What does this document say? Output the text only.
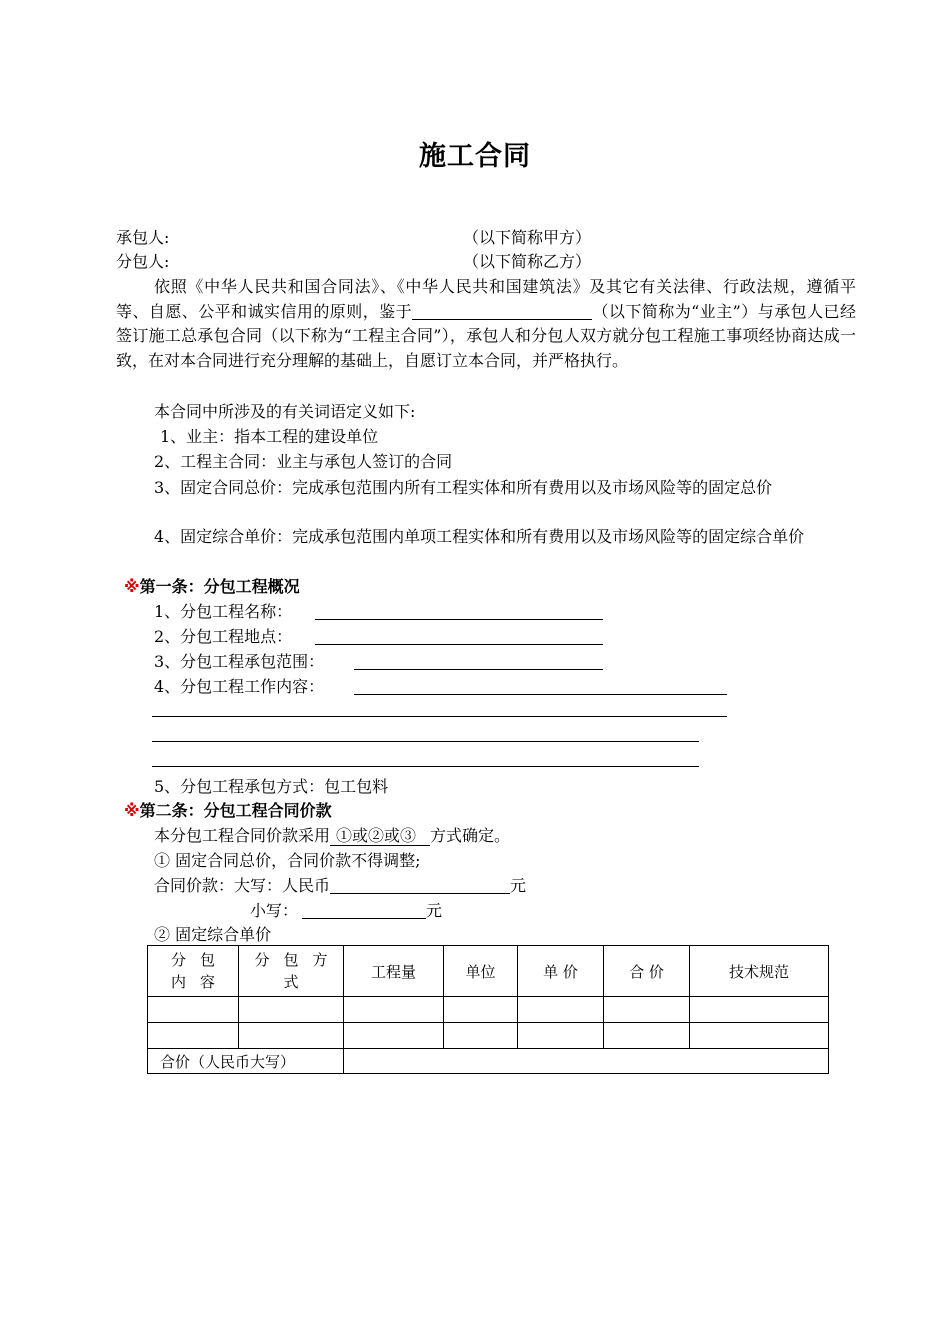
施工合同
承包人:	（以下简称甲方）
分包人:	（以下简称乙方）
依照《中华人民共和国合同法》、《中华人民共和国建筑法》及其它有关法律、行政法规，遵循平等、自愿、公平和诚实信用的原则，鉴于	（以下简称为“业主”）与承包人已经签订施工总承包合同（以下称为“工程主合同”），承包人和分包人双方就分包工程施工事项经协商达成一致，在对本合同进行充分理解的基础上，自愿订立本合同，并严格执行。
本合同中所涉及的有关词语定义如下:
1、业主：指本工程的建设单位
2、工程主合同：业主与承包人签订的合同
3、固定合同总价：完成承包范围内所有工程实体和所有费用以及市场风险等的固定总价
4、固定综合单价：完成承包范围内单项工程实体和所有费用以及市场风险等的固定综合单价
※第一条：分包工程概况
1、分包工程名称：
2、分包工程地点：
3、分包工程承包范围：
4、分包工程工作内容：
5、分包工程承包方式：包工包料
※第二条：分包工程合同价款
本分包工程合同价款采用 ①或②或③ 方式确定。
① 固定合同总价，合同价款不得调整;
合同价款：大写：人民币	元
小写：	元
② 固定综合单价
分包内容	分包方式	工程量	单位	单 价	合 价	技术规范

合价（人民币大写）						
